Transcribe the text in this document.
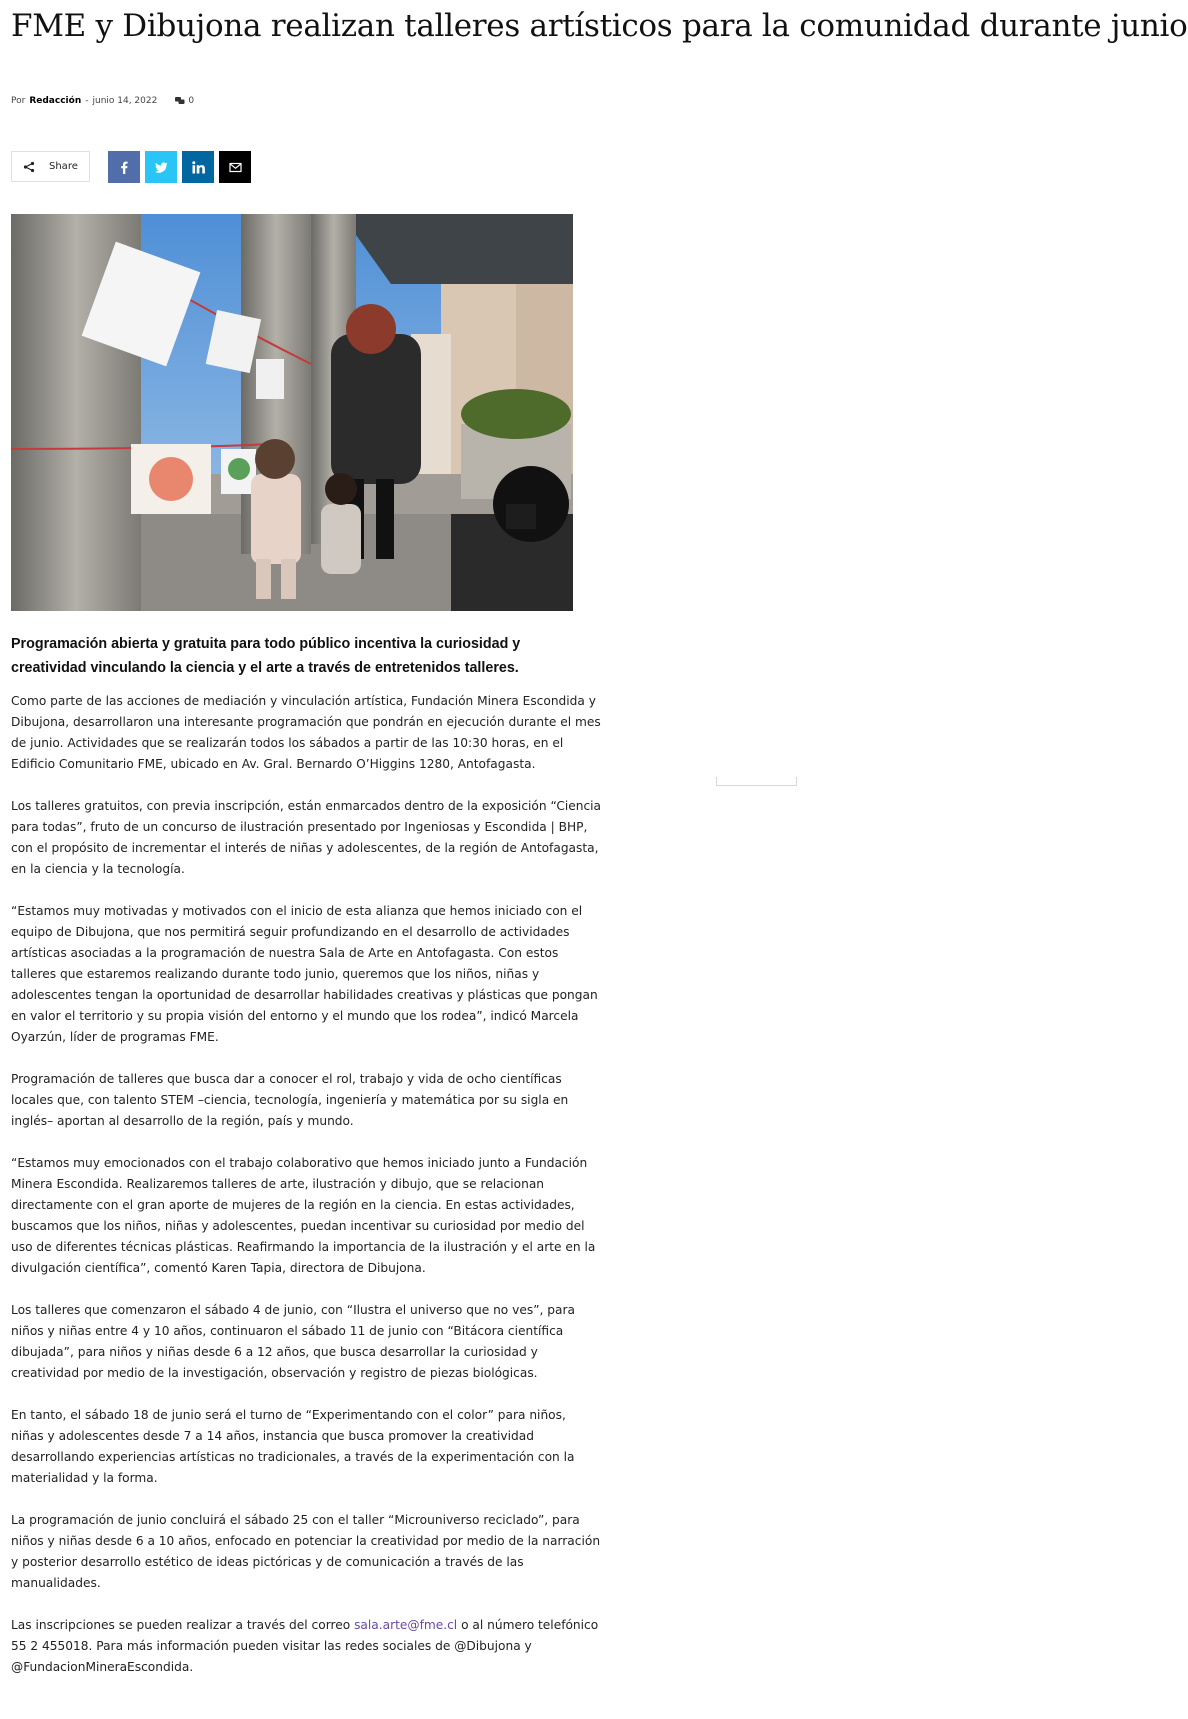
FME y Dibujona realizan talleres artísticos para la comunidad durante junio
Por Redacción - junio 14, 2022	0
Share

Programación abierta y gratuita para todo público incentiva la curiosidad y creatividad vinculando la ciencia y el arte a través de entretenidos talleres.

Como parte de las acciones de mediación y vinculación artística, Fundación Minera Escondida y Dibujona, desarrollaron una interesante programación que pondrán en ejecución durante el mes de junio. Actividades que se realizarán todos los sábados a partir de las 10:30 horas, en el Edificio Comunitario FME, ubicado en Av. Gral. Bernardo O’Higgins 1280, Antofagasta.

Los talleres gratuitos, con previa inscripción, están enmarcados dentro de la exposición “Ciencia para todas”, fruto de un concurso de ilustración presentado por Ingeniosas y Escondida | BHP, con el propósito de incrementar el interés de niñas y adolescentes, de la región de Antofagasta, en la ciencia y la tecnología.

“Estamos muy motivadas y motivados con el inicio de esta alianza que hemos iniciado con el equipo de Dibujona, que nos permitirá seguir profundizando en el desarrollo de actividades artísticas asociadas a la programación de nuestra Sala de Arte en Antofagasta. Con estos talleres que estaremos realizando durante todo junio, queremos que los niños, niñas y adolescentes tengan la oportunidad de desarrollar habilidades creativas y plásticas que pongan en valor el territorio y su propia visión del entorno y el mundo que los rodea”, indicó Marcela Oyarzún, líder de programas FME.

Programación de talleres que busca dar a conocer el rol, trabajo y vida de ocho científicas locales que, con talento STEM –ciencia, tecnología, ingeniería y matemática por su sigla en inglés– aportan al desarrollo de la región, país y mundo.

“Estamos muy emocionados con el trabajo colaborativo que hemos iniciado junto a Fundación Minera Escondida. Realizaremos talleres de arte, ilustración y dibujo, que se relacionan directamente con el gran aporte de mujeres de la región en la ciencia. En estas actividades, buscamos que los niños, niñas y adolescentes, puedan incentivar su curiosidad por medio del uso de diferentes técnicas plásticas. Reafirmando la importancia de la ilustración y el arte en la divulgación científica”, comentó Karen Tapia, directora de Dibujona.

Los talleres que comenzaron el sábado 4 de junio, con “Ilustra el universo que no ves”, para niños y niñas entre 4 y 10 años, continuaron el sábado 11 de junio con “Bitácora científica dibujada”, para niños y niñas desde 6 a 12 años, que busca desarrollar la curiosidad y creatividad por medio de la investigación, observación y registro de piezas biológicas.

En tanto, el sábado 18 de junio será el turno de “Experimentando con el color” para niños, niñas y adolescentes desde 7 a 14 años, instancia que busca promover la creatividad desarrollando experiencias artísticas no tradicionales, a través de la experimentación con la materialidad y la forma.

La programación de junio concluirá el sábado 25 con el taller “Microuniverso reciclado”, para niños y niñas desde 6 a 10 años, enfocado en potenciar la creatividad por medio de la narración y posterior desarrollo estético de ideas pictóricas y de comunicación a través de las manualidades.

Las inscripciones se pueden realizar a través del correo sala.arte@fme.cl o al número telefónico 55 2 455018. Para más información pueden visitar las redes sociales de @Dibujona y @FundacionMineraEscondida.
